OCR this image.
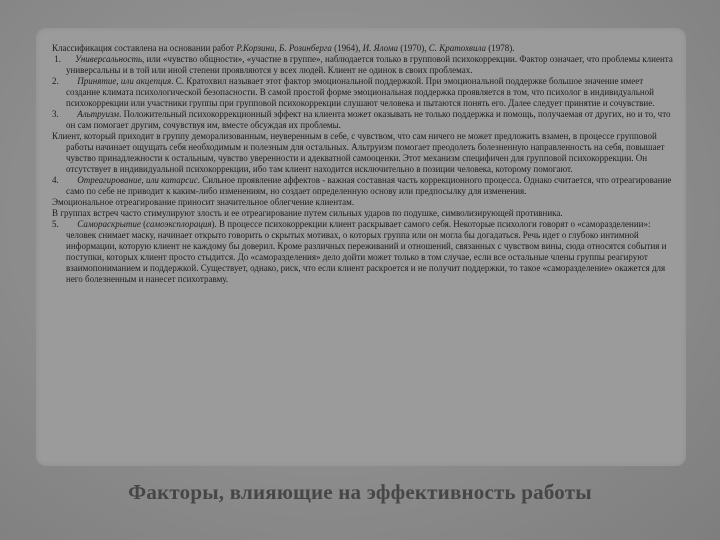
Классификация составлена на основании работ Р.Корзини, Б. Розинберга (1964), И. Ялома (1970), С. Кратохвила (1978).

1. Универсальность, или «чувство общности», «участие в группе», наблюдается только в групповой психокоррекции. Фактор означает, что проблемы клиента универсальны и в той или иной степени проявляются у всех людей. Клиент не одинок в своих проблемах.

2. Принятие, или акцепция. С. Кратохвил называет этот фактор эмоциональной поддержкой. При эмоциональной поддержке большое значение имеет создание климата психологической безопасности. В самой простой форме эмоциональная поддержка проявляется в том, что психолог в индивидуальной психокоррекции или участники группы при групповой психокоррекции слушают человека и пытаются понять его. Далее следует принятие и сочувствие.

3. Альтруизм. Положительный психокоррекционный эффект на клиента может оказывать не только поддержка и помощь, получаемая от других, но и то, что он сам помогает другим, сочувствуя им, вместе обсуждая их проблемы.

Клиент, который приходит в группу деморализованным, неуверенным в себе, с чувством, что сам ничего не может предложить взамен, в процессе групповой работы начинает ощущать себя необходимым и полезным для остальных. Альтруизм помогает преодолеть болезненную направленность на себя, повышает чувство принадлежности к остальным, чувство уверенности и адекватной самооценки. Этот механизм специфичен для групповой психокоррекции. Он отсутствует в индивидуальной психокоррекции, ибо там клиент находится исключительно в позиции человека, которому помогают.

4. Отреагирование, или катарсис. Сильное проявление аффектов - важная составная часть коррекционного процесса. Однако считается, что отреагирование само по себе не приводит к каким-либо изменениям, но создает определенную основу или предпосылку для изменения.

Эмоциональное отреагирование приносит значительное облегчение клиентам.

В группах встреч часто стимулируют злость и ее отреагирование путем сильных ударов по подушке, символизирующей противника.

5. Самораскрытие (самоэксплорация). В процессе психокоррекции клиент раскрывает самого себя. Некоторые психологи говорят о «саморазделении»: человек снимает маску, начинает открыто говорить о скрытых мотивах, о которых группа или он могла бы догадаться. Речь идет о глубоко интимной информации, которую клиент не каждому бы доверил. Кроме различных переживаний и отношений, связанных с чувством вины, сюда относятся события и поступки, которых клиент просто стыдится. До «саморазделения» дело дойти может только в том случае, если все остальные члены группы реагируют взаимопониманием и поддержкой. Существует, однако, риск, что если клиент раскроется и не получит поддержки, то такое «саморазделение» окажется для него болезненным и нанесет психотравму.

Факторы, влияющие на эффективность работы
